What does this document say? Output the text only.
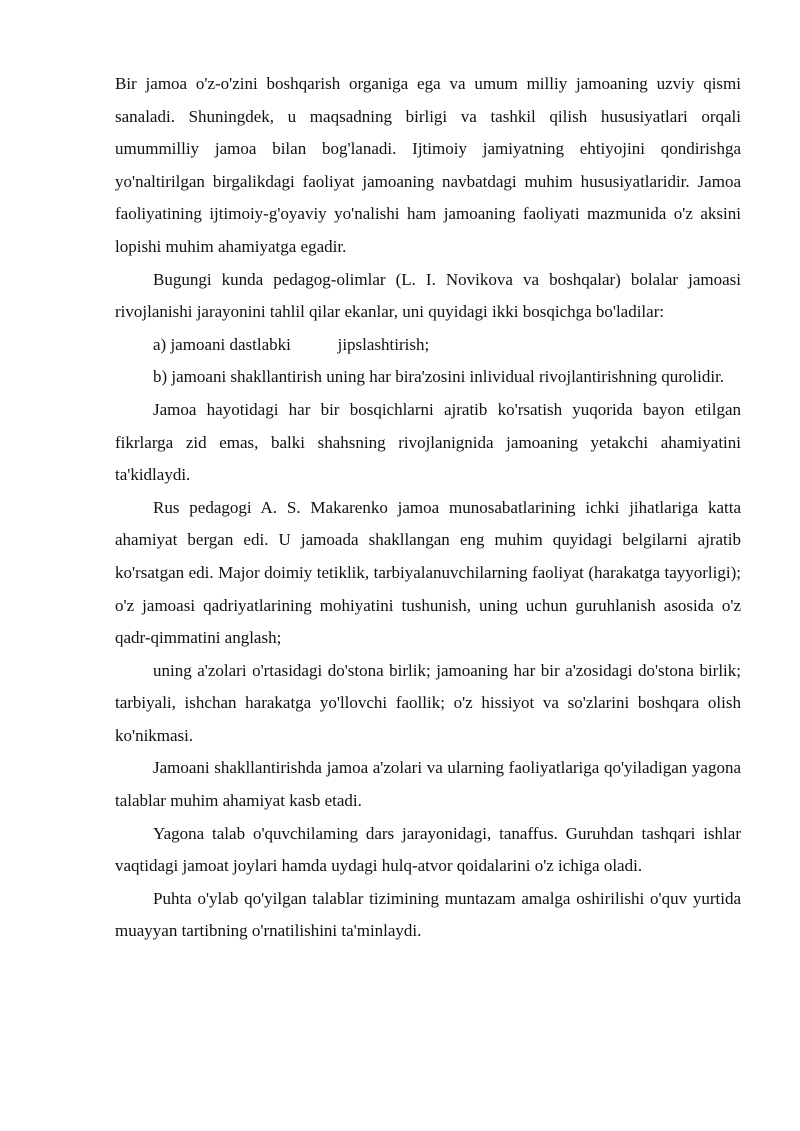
Bir jamoa o'z-o'zini boshqarish organiga ega va umum milliy jamoaning uzviy qismi sanaladi. Shuningdek, u maqsadning birligi va tashkil qilish hususiyatlari orqali umummilliy jamoa bilan bog'lanadi. Ijtimoiy jamiyatning ehtiyojini qondirishga yo'naltirilgan birgalikdagi faoliyat jamoaning navbatdagi muhim hususiyatlaridir. Jamoa faoliyatining ijtimoiy-g'oyaviy yo'nalishi ham jamoaning faoliyati mazmunida o'z aksini lopishi muhim ahamiyatga egadir.

Bugungi kunda pedagog-olimlar (L. I. Novikova va boshqalar) bolalar jamoasi rivojlanishi jarayonini tahlil qilar ekanlar, uni quyidagi ikki bosqichga bo'ladilar:

a) jamoani dastlabki           jipslashtirish;

b) jamoani shakllantirish uning har bira'zosini inlividual rivojlantirishning qurolidir.

Jamoa hayotidagi har bir bosqichlarni ajratib ko'rsatish yuqorida bayon etilgan fikrlarga zid emas, balki shahsning rivojlanignida jamoaning yetakchi ahamiyatini ta'kidlaydi.

Rus pedagogi A. S. Makarenko jamoa munosabatlarining ichki jihatlariga katta ahamiyat bergan edi. U jamoada shakllangan eng muhim quyidagi belgilarni ajratib ko'rsatgan edi. Major doimiy tetiklik, tarbiyalanuvchilarning faoliyat (harakatga tayyorligi); o'z jamoasi qadriyatlarining mohiyatini tushunish, uning uchun guruhlanish asosida o'z qadr-qimmatini anglash;

uning a'zolari o'rtasidagi do'stona birlik; jamoaning har bir a'zosidagi do'stona birlik; tarbiyali, ishchan harakatga yo'llovchi faollik; o'z hissiyot va so'zlarini boshqara olish ko'nikmasi.

Jamoani shakllantirishda jamoa a'zolari va ularning faoliyatlariga qo'yiladigan yagona talablar muhim ahamiyat kasb etadi.

Yagona talab o'quvchilaming dars jarayonidagi, tanaffus. Guruhdan tashqari ishlar vaqtidagi jamoat joylari hamda uydagi hulq-atvor qoidalarini o'z ichiga oladi.

Puhta o'ylab qo'yilgan talablar tizimining muntazam amalga oshirilishi o'quv yurtida muayyan tartibning o'rnatilishini ta'minlaydi.
